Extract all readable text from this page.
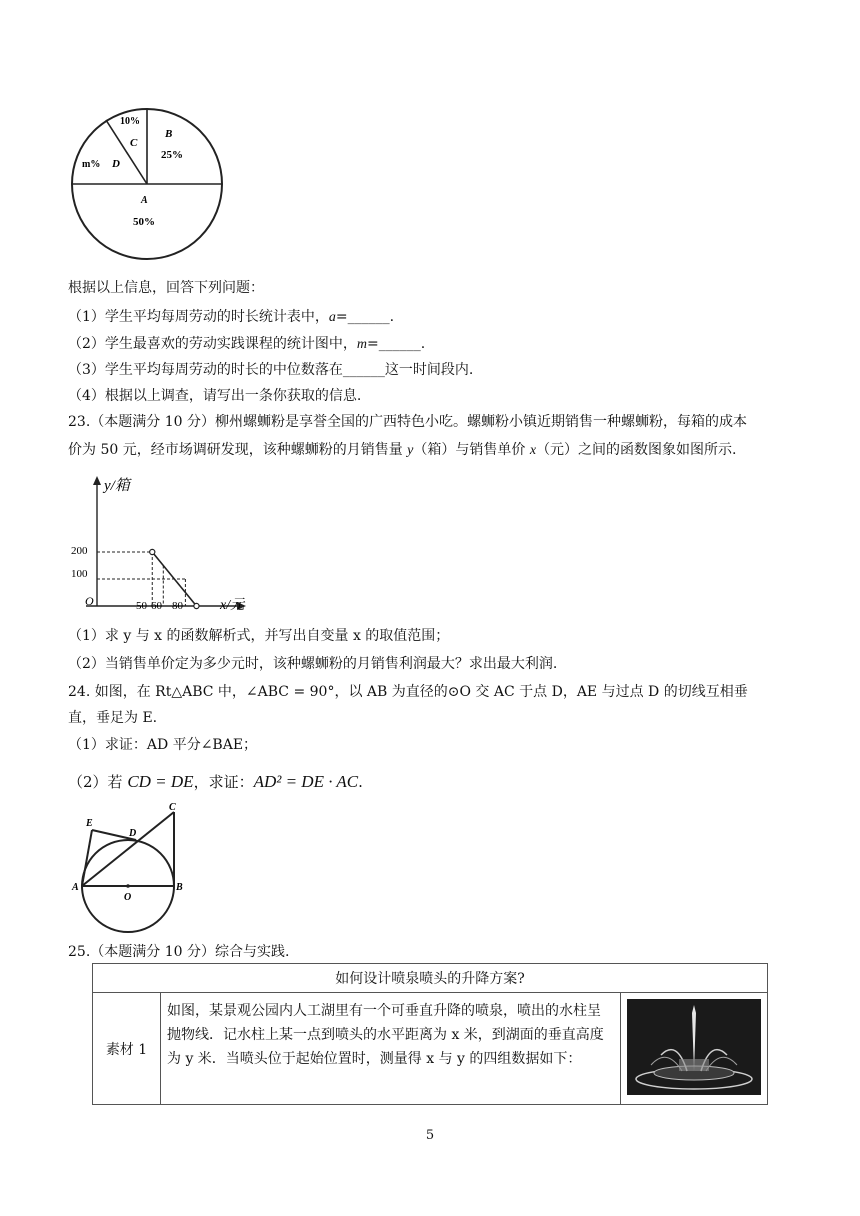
10%
C
B
25%
m% D
A
50%
根据以上信息，回答下列问题：
（1）学生平均每周劳动的时长统计表中，a=______.
（2）学生最喜欢的劳动实践课程的统计图中，m=______.
（3）学生平均每周劳动的时长的中位数落在______这一时间段内.
（4）根据以上调查，请写出一条你获取的信息.
23.（本题满分 10 分）柳州螺蛳粉是享誉全国的广西特色小吃。螺蛳粉小镇近期销售一种螺蛳粉，每箱的成本
价为 50 元，经市场调研发现，该种螺蛳粉的月销售量 y（箱）与销售单价 x（元）之间的函数图象如图所示.
y/箱
x/元
O
200
100
50 60 80
（1）求 y 与 x 的函数解析式，并写出自变量 x 的取值范围；
（2）当销售单价定为多少元时，该种螺蛳粉的月销售利润最大？求出最大利润.
24. 如图，在 Rt△ABC 中，∠ABC = 90°，以 AB 为直径的⊙O 交 AC 于点 D，AE 与过点 D 的切线互相垂
直，垂足为 E.
（1）求证：AD 平分∠BAE；
（2）若 CD = DE，求证：AD² = DE · AC.
E
C
D
A	B
O
25.（本题满分 10 分）综合与实践.
如何设计喷泉喷头的升降方案?
素材 1	如图，某景观公园内人工湖里有一个可垂直升降的喷泉，喷出的水柱呈抛物线．记水柱上某一点到喷头的水平距离为 x 米，到湖面的垂直高度为 y 米．当喷头位于起始位置时，测量得 x 与 y 的四组数据如下：	
5
